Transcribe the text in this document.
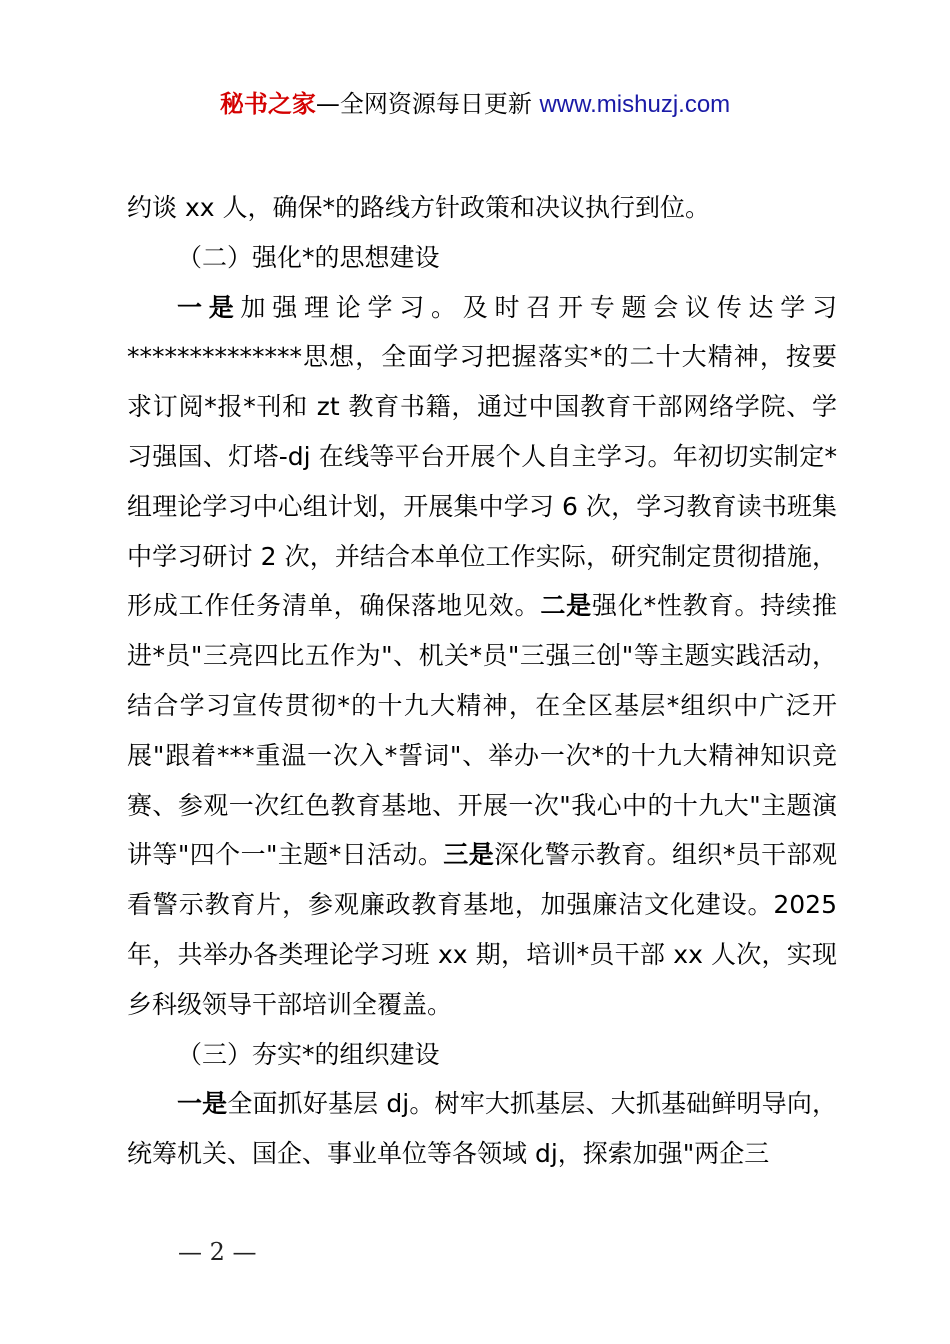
秘书之家—全网资源每日更新 www.mishuzj.com

约谈 xx 人，确保*的路线方针政策和决议执行到位。

（二）强化*的思想建设

一是加强理论学习。及时召开专题会议传达学习**************思想，全面学习把握落实*的二十大精神，按要求订阅*报*刊和 zt 教育书籍，通过中国教育干部网络学院、学习强国、灯塔-dj 在线等平台开展个人自主学习。年初切实制定*组理论学习中心组计划，开展集中学习 6 次，学习教育读书班集中学习研讨 2 次，并结合本单位工作实际，研究制定贯彻措施，形成工作任务清单，确保落地见效。二是强化*性教育。持续推进*员"三亮四比五作为"、机关*员"三强三创"等主题实践活动，结合学习宣传贯彻*的十九大精神，在全区基层*组织中广泛开展"跟着***重温一次入*誓词"、举办一次*的十九大精神知识竞赛、参观一次红色教育基地、开展一次"我心中的十九大"主题演讲等"四个一"主题*日活动。三是深化警示教育。组织*员干部观看警示教育片，参观廉政教育基地，加强廉洁文化建设。2025 年，共举办各类理论学习班 xx 期，培训*员干部 xx 人次，实现乡科级领导干部培训全覆盖。

（三）夯实*的组织建设

一是全面抓好基层 dj。树牢大抓基层、大抓基础鲜明导向，统筹机关、国企、事业单位等各领域 dj，探索加强"两企三

— 2 —
